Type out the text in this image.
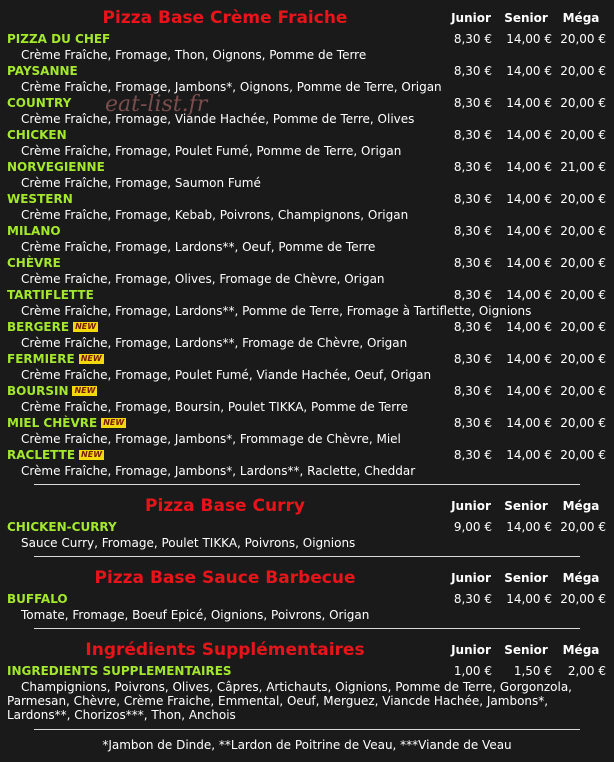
Pizza Base Crème Fraiche	Junior	Senior	Méga
PIZZA DU CHEF	8,30 €	14,00 € 20,00 €
Crème Fraîche, Fromage, Thon, Oignons, Pomme de Terre
PAYSANNE	8,30 €	14,00 € 20,00 €
Crème Fraîche, Fromage, Jambons*, Oignons, Pomme de Terre, Origan
COUNTRY	8,30 €	14,00 € 20,00 €
Crème Fraîche, Fromage, Viande Hachée, Pomme de Terre, Olives
CHICKEN	8,30 €	14,00 € 20,00 €
Crème Fraîche, Fromage, Poulet Fumé, Pomme de Terre, Origan
NORVEGIENNE	8,30 €	14,00 € 21,00 €
Crème Fraîche, Fromage, Saumon Fumé
WESTERN	8,30 €	14,00 € 20,00 €
Crème Fraîche, Fromage, Kebab, Poivrons, Champignons, Origan
MILANO	8,30 €	14,00 € 20,00 €
Crème Fraîche, Fromage, Lardons**, Oeuf, Pomme de Terre
CHÈVRE	8,30 €	14,00 € 20,00 €
Crème Fraîche, Fromage, Olives, Fromage de Chèvre, Origan
TARTIFLETTE	8,30 €	14,00 € 20,00 €
Crème Fraîche, Fromage, Lardons**, Pomme de Terre, Fromage à Tartiflette, Oignions
BERGERE NEW	8,30 €	14,00 € 20,00 €
Crème Fraîche, Fromage, Lardons**, Fromage de Chèvre, Origan
FERMIERE NEW	8,30 €	14,00 € 20,00 €
Crème Fraîche, Fromage, Poulet Fumé, Viande Hachée, Oeuf, Origan
BOURSIN NEW	8,30 €	14,00 € 20,00 €
Crème Fraîche, Fromage, Boursin, Poulet TIKKA, Pomme de Terre
MIEL CHÈVRE NEW	8,30 €	14,00 € 20,00 €
Crème Fraîche, Fromage, Jambons*, Frommage de Chèvre, Miel
RACLETTE NEW	8,30 €	14,00 € 20,00 €
Crème Fraîche, Fromage, Jambons*, Lardons**, Raclette, Cheddar
eat-list.fr
Pizza Base Curry	Junior	Senior	Méga
CHICKEN-CURRY	9,00 €	14,00 € 20,00 €
Sauce Curry, Fromage, Poulet TIKKA, Poivrons, Oignions
Pizza Base Sauce Barbecue	Junior	Senior	Méga
BUFFALO	8,30 €	14,00 € 20,00 €
Tomate, Fromage, Boeuf Epicé, Oignions, Poivrons, Origan
Ingrédients Supplémentaires	Junior	Senior	Méga
INGREDIENTS SUPPLEMENTAIRES	1,00 €	1,50 €	2,00 €
Champignions, Poivrons, Olives, Câpres, Artichauts, Oignions, Pomme de Terre, Gorgonzola, Parmesan, Chèvre, Crème Fraiche, Emmental, Oeuf, Merguez, Viancde Hachée, Jambons*, Lardons**, Chorizos***, Thon, Anchois
*Jambon de Dinde, **Lardon de Poitrine de Veau, ***Viande de Veau
